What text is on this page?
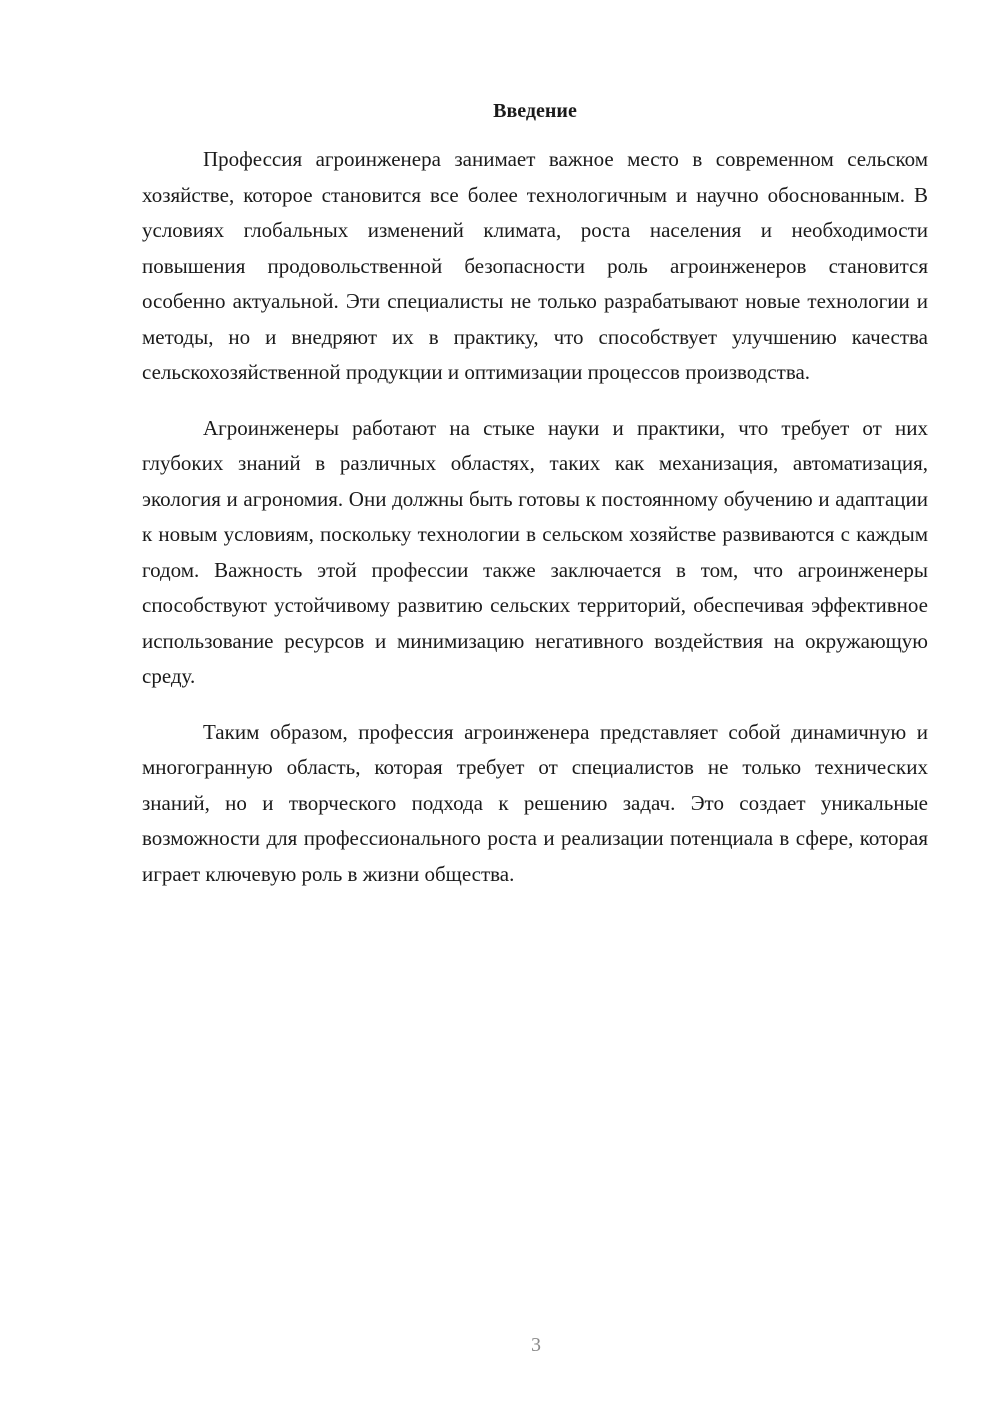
Введение

Профессия агроинженера занимает важное место в современном сельском хозяйстве, которое становится все более технологичным и научно обоснованным. В условиях глобальных изменений климата, роста населения и необходимости повышения продовольственной безопасности роль агроинженеров становится особенно актуальной. Эти специалисты не только разрабатывают новые технологии и методы, но и внедряют их в практику, что способствует улучшению качества сельскохозяйственной продукции и оптимизации процессов производства.

Агроинженеры работают на стыке науки и практики, что требует от них глубоких знаний в различных областях, таких как механизация, автоматизация, экология и агрономия. Они должны быть готовы к постоянному обучению и адаптации к новым условиям, поскольку технологии в сельском хозяйстве развиваются с каждым годом. Важность этой профессии также заключается в том, что агроинженеры способствуют устойчивому развитию сельских территорий, обеспечивая эффективное использование ресурсов и минимизацию негативного воздействия на окружающую среду.

Таким образом, профессия агроинженера представляет собой динамичную и многогранную область, которая требует от специалистов не только технических знаний, но и творческого подхода к решению задач. Это создает уникальные возможности для профессионального роста и реализации потенциала в сфере, которая играет ключевую роль в жизни общества.

3
